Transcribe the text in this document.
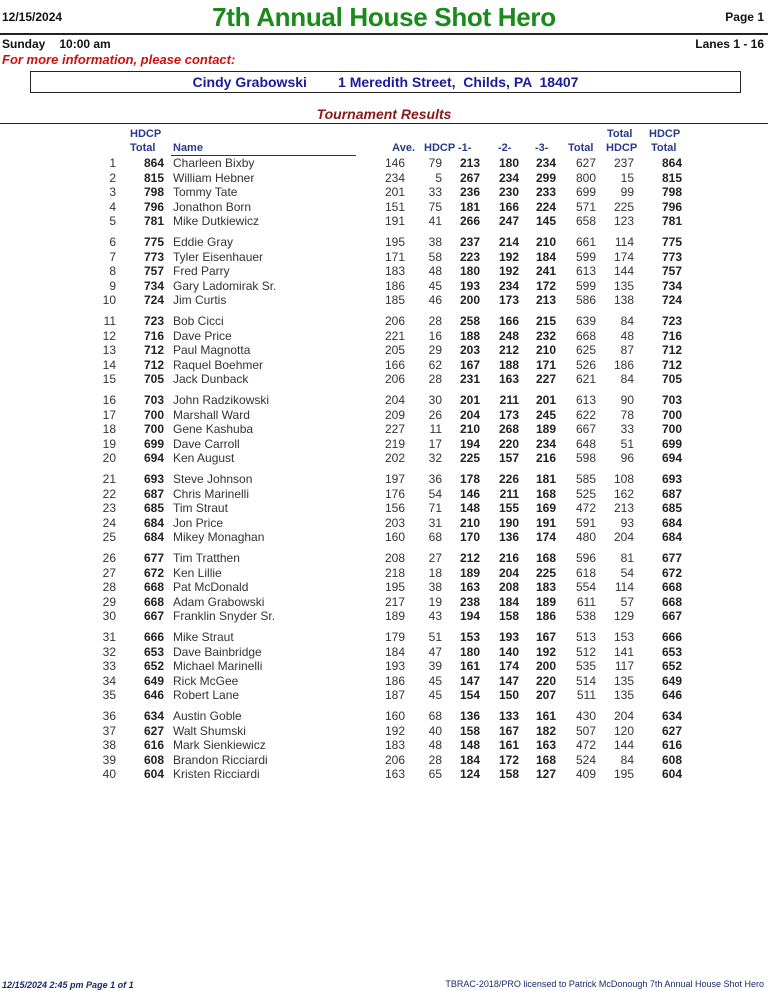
12/15/2024	7th Annual House Shot Hero	Page 1
Sunday 10:00 am	Lanes 1 - 16
For more information, please contact:
Cindy Grabowski        1 Meredith Street,  Childs, PA  18407
Tournament Results
HDCP
Total Name	Ave. HDCP -1- -2- -3- Total
Total
HDCP
HDCP
Total
1	864 Charleen Bixby	146	79	213	180	234	627	237	864
2	815 William Hebner	234	5	267	234	299	800	15	815
3	798 Tommy Tate	201	33	236	230	233	699	99	798
4	796 Jonathon Born	151	75	181	166	224	571	225	796
5	781 Mike Dutkiewicz	191	41	266	247	145	658	123	781
6	775 Eddie Gray	195	38	237	214	210	661	114	775
7	773 Tyler Eisenhauer	171	58	223	192	184	599	174	773
8	757 Fred Parry	183	48	180	192	241	613	144	757
9	734 Gary Ladomirak Sr.	186	45	193	234	172	599	135	734
10	724 Jim Curtis	185	46	200	173	213	586	138	724
11	723 Bob Cicci	206	28	258	166	215	639	84	723
12	716 Dave Price	221	16	188	248	232	668	48	716
13	712 Paul Magnotta	205	29	203	212	210	625	87	712
14	712 Raquel Boehmer	166	62	167	188	171	526	186	712
15	705 Jack Dunback	206	28	231	163	227	621	84	705
16	703 John Radzikowski	204	30	201	211	201	613	90	703
17	700 Marshall Ward	209	26	204	173	245	622	78	700
18	700 Gene Kashuba	227	11	210	268	189	667	33	700
19	699 Dave Carroll	219	17	194	220	234	648	51	699
20	694 Ken August	202	32	225	157	216	598	96	694
21	693 Steve Johnson	197	36	178	226	181	585	108	693
22	687 Chris Marinelli	176	54	146	211	168	525	162	687
23	685 Tim Straut	156	71	148	155	169	472	213	685
24	684 Jon Price	203	31	210	190	191	591	93	684
25	684 Mikey Monaghan	160	68	170	136	174	480	204	684
26	677 Tim Tratthen	208	27	212	216	168	596	81	677
27	672 Ken Lillie	218	18	189	204	225	618	54	672
28	668 Pat McDonald	195	38	163	208	183	554	114	668
29	668 Adam Grabowski	217	19	238	184	189	611	57	668
30	667 Franklin Snyder Sr.	189	43	194	158	186	538	129	667
31	666 Mike Straut	179	51	153	193	167	513	153	666
32	653 Dave Bainbridge	184	47	180	140	192	512	141	653
33	652 Michael Marinelli	193	39	161	174	200	535	117	652
34	649 Rick McGee	186	45	147	147	220	514	135	649
35	646 Robert Lane	187	45	154	150	207	511	135	646
36	634 Austin Goble	160	68	136	133	161	430	204	634
37	627 Walt Shumski	192	40	158	167	182	507	120	627
38	616 Mark Sienkiewicz	183	48	148	161	163	472	144	616
39	608 Brandon Ricciardi	206	28	184	172	168	524	84	608
40	604 Kristen Ricciardi	163	65	124	158	127	409	195	604
12/15/2024 2:45 pm Page 1 of 1	TBRAC-2018/PRO licensed to Patrick McDonough 7th Annual House Shot Hero
